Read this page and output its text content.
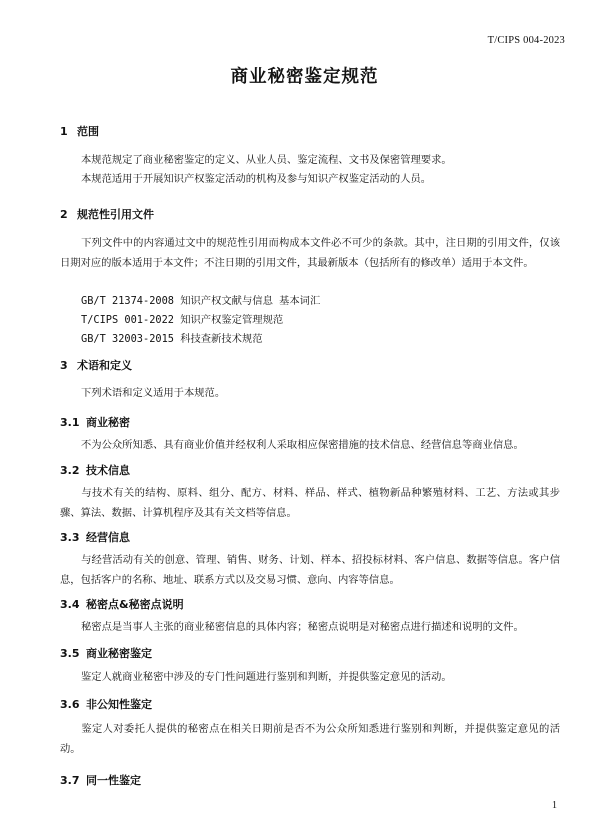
T/CIPS 004-2023
商业秘密鉴定规范
1 范围
本规范规定了商业秘密鉴定的定义、从业人员、鉴定流程、文书及保密管理要求。
本规范适用于开展知识产权鉴定活动的机构及参与知识产权鉴定活动的人员。
2 规范性引用文件
下列文件中的内容通过文中的规范性引用而构成本文件必不可少的条款。其中，注日期的引用文件，仅该日期对应的版本适用于本文件；不注日期的引用文件，其最新版本（包括所有的修改单）适用于本文件。
GB/T 21374-2008 知识产权文献与信息 基本词汇
T/CIPS 001-2022 知识产权鉴定管理规范
GB/T 32003-2015 科技查新技术规范
3 术语和定义
下列术语和定义适用于本规范。
3.1 商业秘密
不为公众所知悉、具有商业价值并经权利人采取相应保密措施的技术信息、经营信息等商业信息。
3.2 技术信息
与技术有关的结构、原料、组分、配方、材料、样品、样式、植物新品种繁殖材料、工艺、方法或其步骤、算法、数据、计算机程序及其有关文档等信息。
3.3 经营信息
与经营活动有关的创意、管理、销售、财务、计划、样本、招投标材料、客户信息、数据等信息。客户信息，包括客户的名称、地址、联系方式以及交易习惯、意向、内容等信息。
3.4 秘密点&秘密点说明
秘密点是当事人主张的商业秘密信息的具体内容；秘密点说明是对秘密点进行描述和说明的文件。
3.5 商业秘密鉴定
鉴定人就商业秘密中涉及的专门性问题进行鉴别和判断，并提供鉴定意见的活动。
3.6 非公知性鉴定
鉴定人对委托人提供的秘密点在相关日期前是否不为公众所知悉进行鉴别和判断，并提供鉴定意见的活动。
3.7 同一性鉴定
1
